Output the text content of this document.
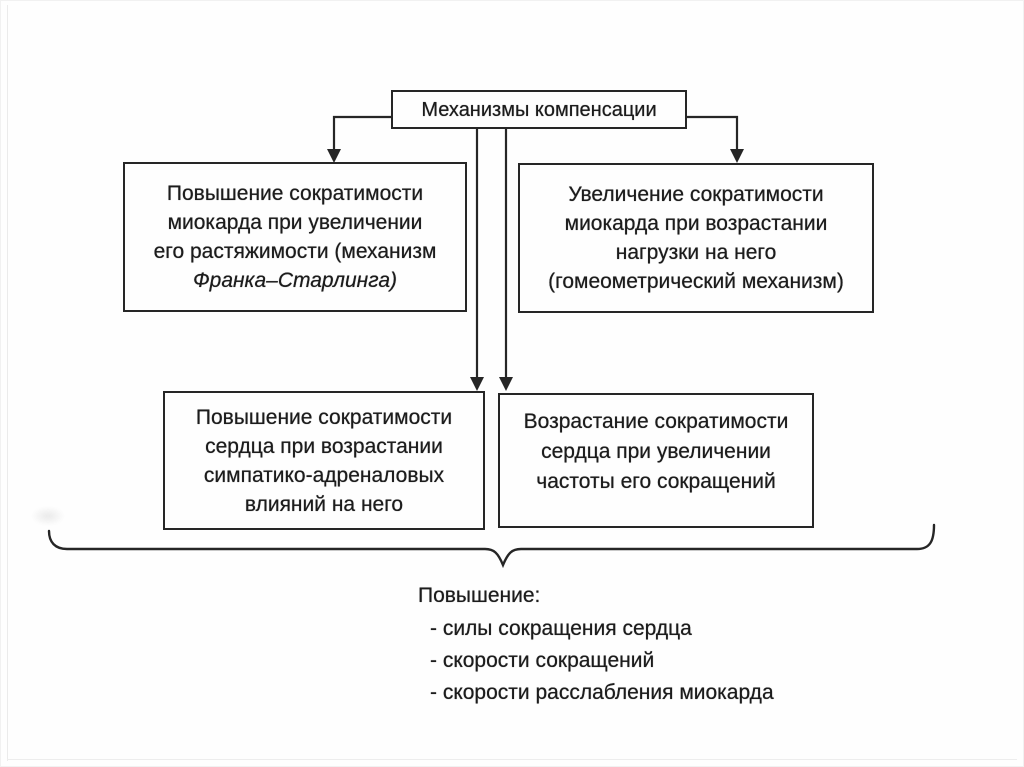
Механизмы компенсации
Повышение сократимости
миокарда при увеличении
его растяжимости (механизм
Франка–Старлинга)
Увеличение сократимости
миокарда при возрастании
нагрузки на него
(гомеометрический механизм)
Повышение сократимости
сердца при возрастании
симпатико-адреналовых
влияний на него
Возрастание сократимости
сердца при увеличении
частоты его сокращений
Повышение:
- силы сокращения сердца
- скорости сокращений
- скорости расслабления миокарда
